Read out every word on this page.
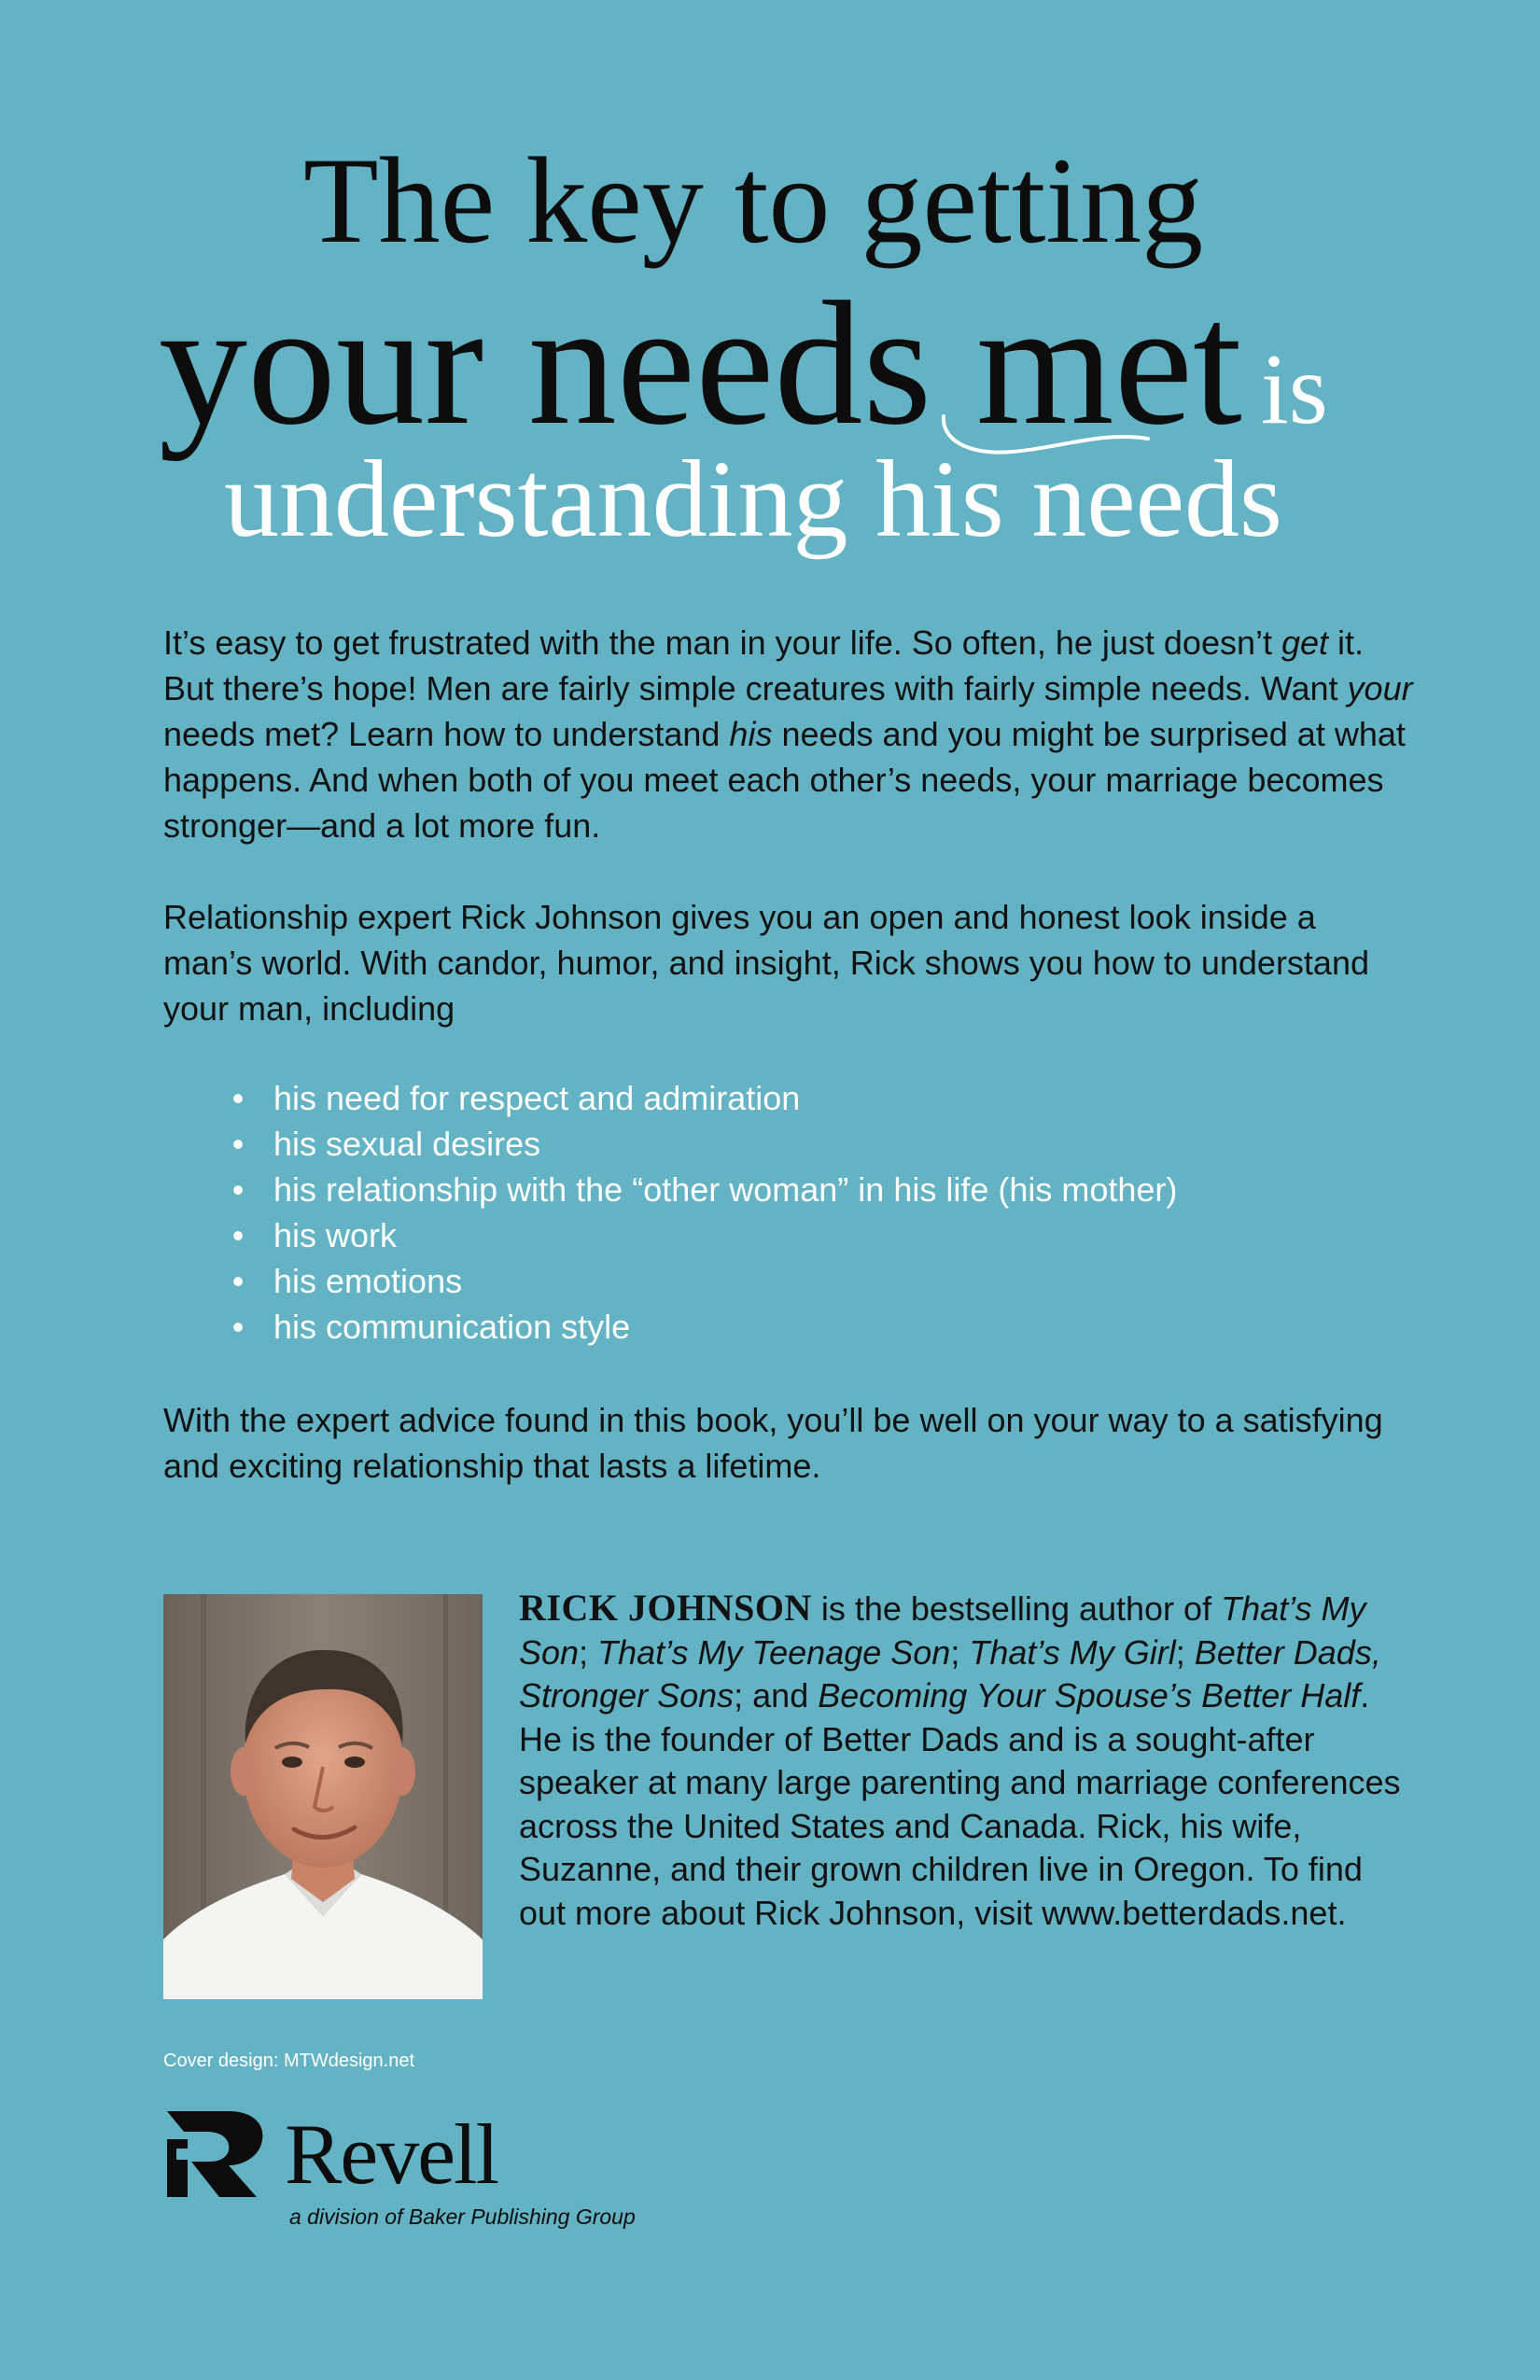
The key to getting
your needs met is
understanding his needs
It’s easy to get frustrated with the man in your life. So often, he just doesn’t get it. But there’s hope! Men are fairly simple creatures with fairly simple needs. Want your needs met? Learn how to understand his needs and you might be surprised at what happens. And when both of you meet each other’s needs, your marriage becomes stronger—and a lot more fun.
Relationship expert Rick Johnson gives you an open and honest look inside a man’s world. With candor, humor, and insight, Rick shows you how to understand your man, including
• his need for respect and admiration
• his sexual desires
• his relationship with the “other woman” in his life (his mother)
• his work
• his emotions
• his communication style
With the expert advice found in this book, you’ll be well on your way to a satisfying and exciting relationship that lasts a lifetime.
RICK JOHNSON is the bestselling author of That’s My Son; That’s My Teenage Son; That’s My Girl; Better Dads, Stronger Sons; and Becoming Your Spouse’s Better Half. He is the founder of Better Dads and is a sought-after speaker at many large parenting and marriage conferences across the United States and Canada. Rick, his wife, Suzanne, and their grown children live in Oregon. To find out more about Rick Johnson, visit www.betterdads.net.
Cover design: MTWdesign.net
Revell
a division of Baker Publishing Group
